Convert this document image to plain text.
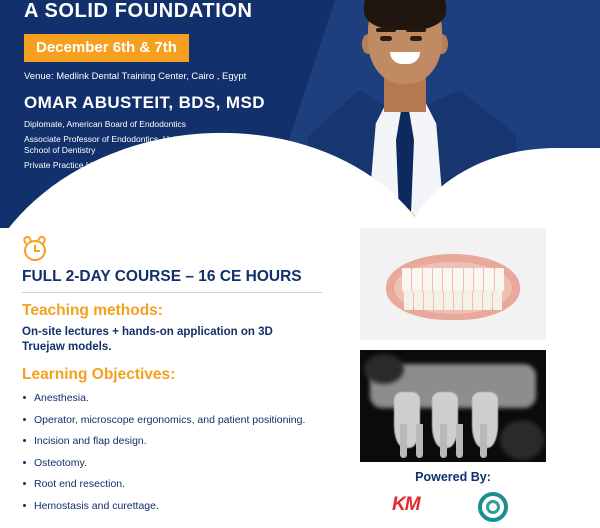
A SOLID FOUNDATION
December 6th & 7th

Venue: Medlink Dental Training Center, Cairo , Egypt

OMAR ABUSTEIT, BDS, MSD

Diplomate, American Board of Endodontics

Associate Professor of Endodontics, University of Minnesota School of Dentistry

Private Practice Limited to Endodontics

FULL 2-DAY COURSE – 16 CE HOURS
Teaching methods:

On-site lectures + hands-on application on 3D Truejaw models.

Learning Objectives:
Anesthesia.
Operator, microscope ergonomics, and patient positioning.
Incision and flap design.
Osteotomy.
Root end resection.
Hemostasis and curettage.
Powered By:
KM
